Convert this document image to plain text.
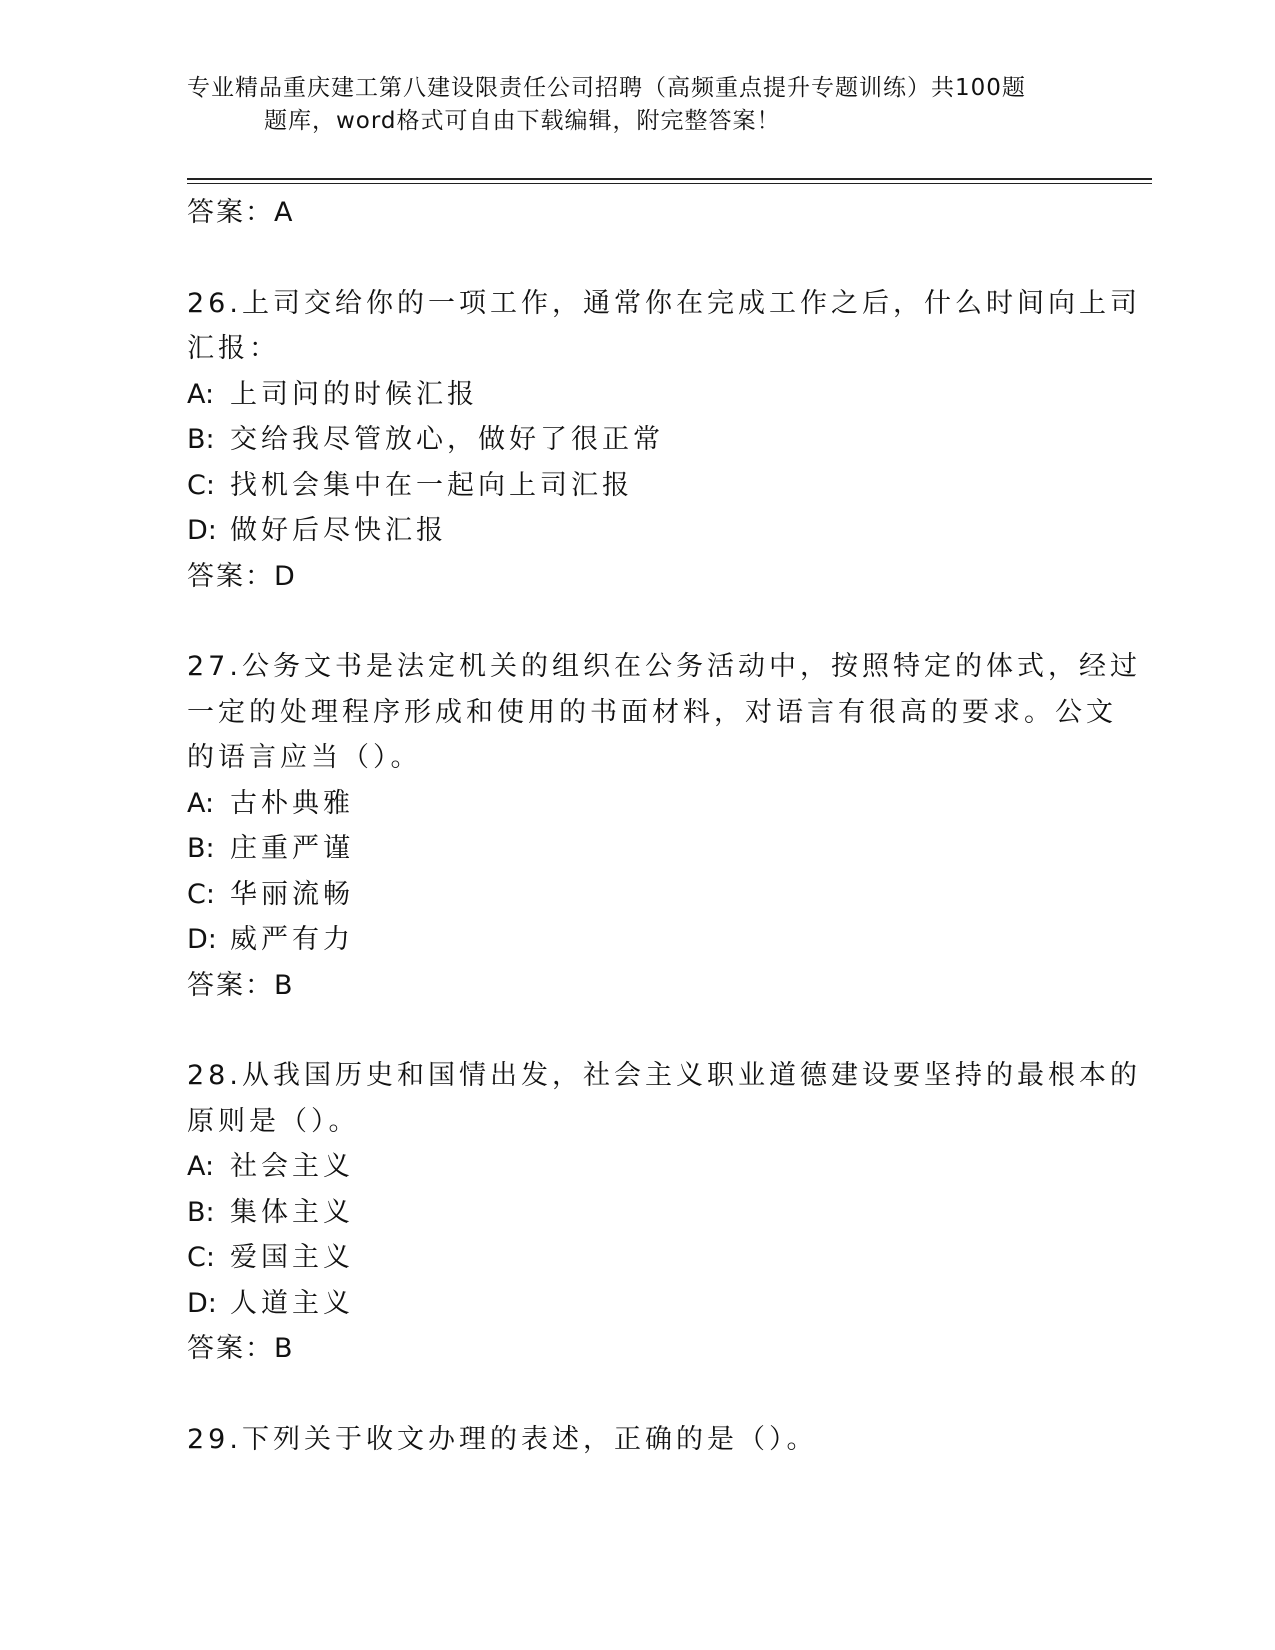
专业精品重庆建工第八建设限责任公司招聘（高频重点提升专题训练）共100题
题库，word格式可自由下载编辑，附完整答案！
答案：A
26.上司交给你的一项工作，通常你在完成工作之后，什么时间向上司
汇报：
A: 上司问的时候汇报
B: 交给我尽管放心，做好了很正常
C: 找机会集中在一起向上司汇报
D: 做好后尽快汇报
答案：D
27.公务文书是法定机关的组织在公务活动中，按照特定的体式，经过
一定的处理程序形成和使用的书面材料，对语言有很高的要求。公文
的语言应当（）。
A: 古朴典雅
B: 庄重严谨
C: 华丽流畅
D: 威严有力
答案：B
28.从我国历史和国情出发，社会主义职业道德建设要坚持的最根本的
原则是（）。
A: 社会主义
B: 集体主义
C: 爱国主义
D: 人道主义
答案：B
29.下列关于收文办理的表述，正确的是（）。
